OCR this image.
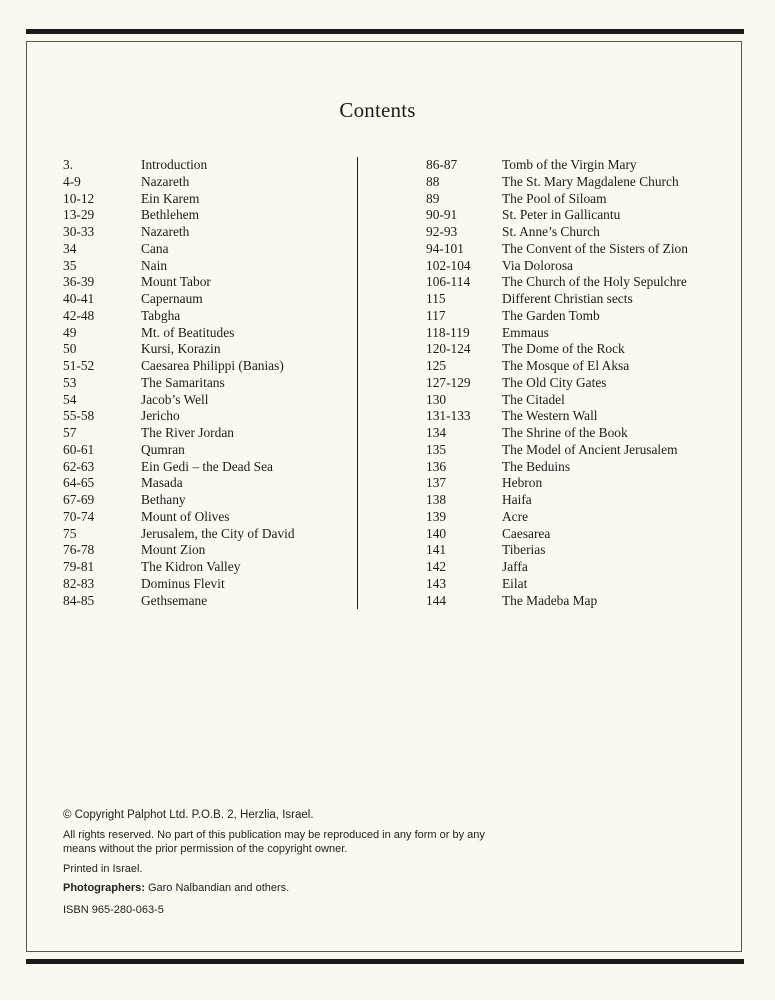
Contents
3.	Introduction
4-9	Nazareth
10-12	Ein Karem
13-29	Bethlehem
30-33	Nazareth
34	Cana
35	Nain
36-39	Mount Tabor
40-41	Capernaum
42-48	Tabgha
49	Mt. of Beatitudes
50	Kursi, Korazin
51-52	Caesarea Philippi (Banias)
53	The Samaritans
54	Jacob’s Well
55-58	Jericho
57	The River Jordan
60-61	Qumran
62-63	Ein Gedi – the Dead Sea
64-65	Masada
67-69	Bethany
70-74	Mount of Olives
75	Jerusalem, the City of David
76-78	Mount Zion
79-81	The Kidron Valley
82-83	Dominus Flevit
84-85	Gethsemane
86-87	Tomb of the Virgin Mary
88	The St. Mary Magdalene Church
89	The Pool of Siloam
90-91	St. Peter in Gallicantu
92-93	St. Anne’s Church
94-101	The Convent of the Sisters of Zion
102-104	Via Dolorosa
106-114	The Church of the Holy Sepulchre
115	Different Christian sects
117	The Garden Tomb
118-119	Emmaus
120-124	The Dome of the Rock
125	The Mosque of El Aksa
127-129	The Old City Gates
130	The Citadel
131-133	The Western Wall
134	The Shrine of the Book
135	The Model of Ancient Jerusalem
136	The Beduins
137	Hebron
138	Haifa
139	Acre
140	Caesarea
141	Tiberias
142	Jaffa
143	Eilat
144	The Madeba Map

© Copyright Palphot Ltd. P.O.B. 2, Herzlia, Israel.

All rights reserved. No part of this publication may be reproduced in any form or by any
means without the prior permission of the copyright owner.

Printed in Israel.

Photographers: Garo Nalbandian and others.

ISBN 965-280-063-5
